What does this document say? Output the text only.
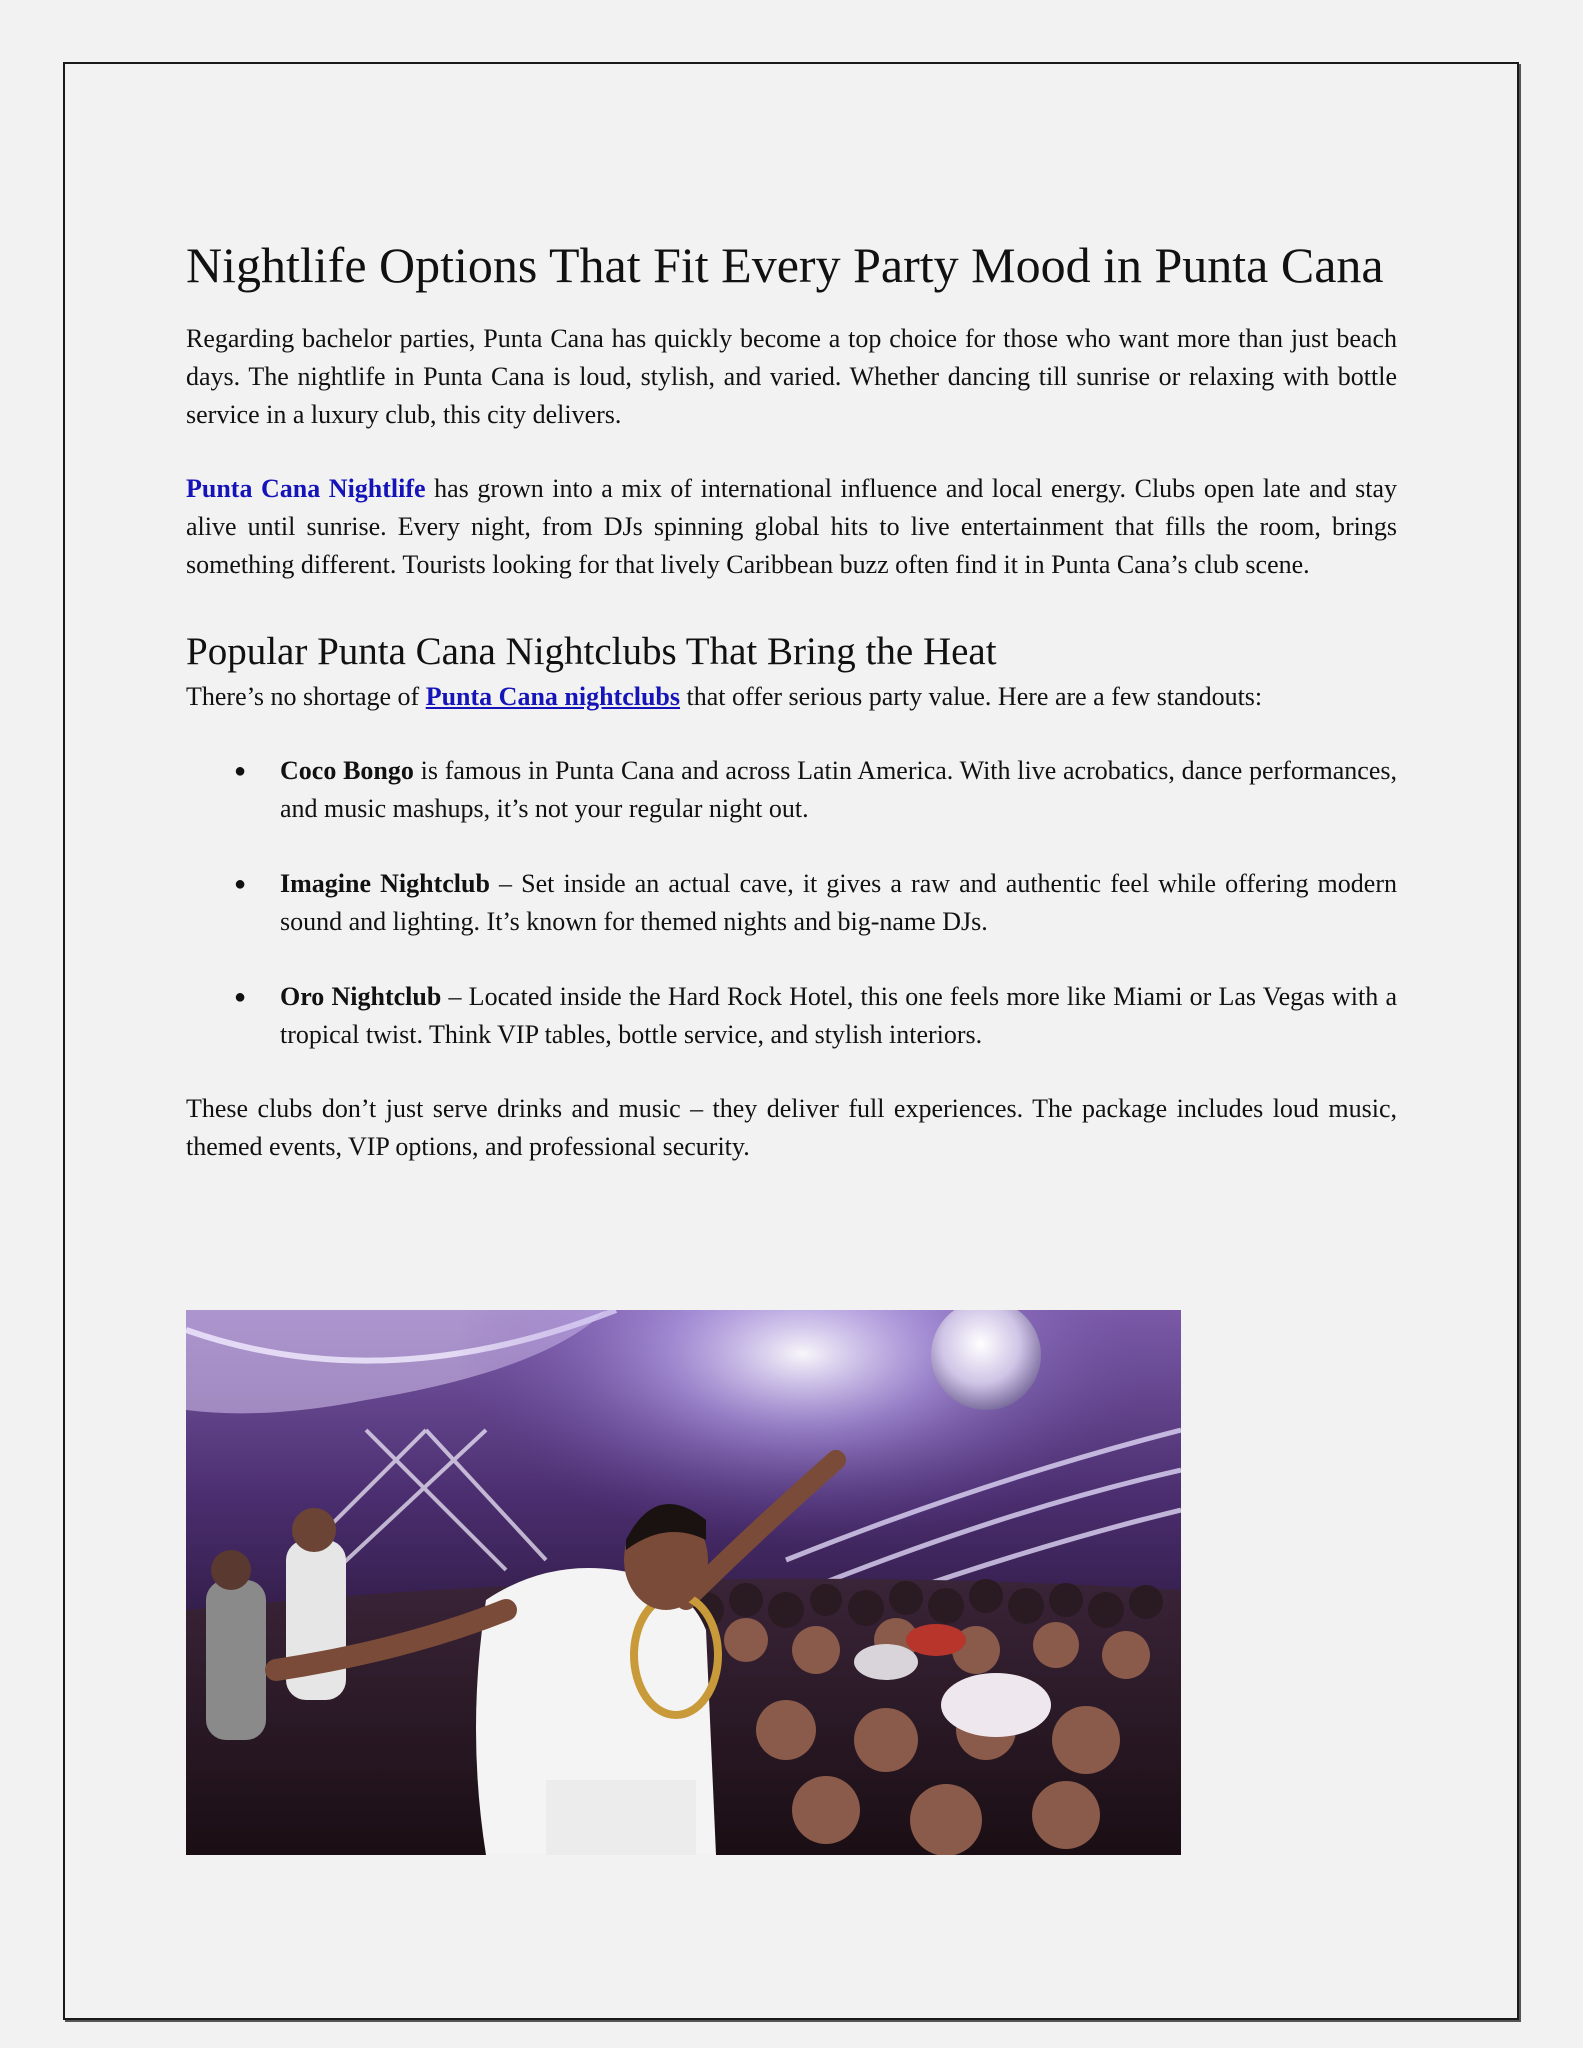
Nightlife Options That Fit Every Party Mood in Punta Cana

Regarding bachelor parties, Punta Cana has quickly become a top choice for those who want more than just beach days. The nightlife in Punta Cana is loud, stylish, and varied. Whether dancing till sunrise or relaxing with bottle service in a luxury club, this city delivers.

Punta Cana Nightlife has grown into a mix of international influence and local energy. Clubs open late and stay alive until sunrise. Every night, from DJs spinning global hits to live entertainment that fills the room, brings something different. Tourists looking for that lively Caribbean buzz often find it in Punta Cana’s club scene.

Popular Punta Cana Nightclubs That Bring the Heat

There’s no shortage of Punta Cana nightclubs that offer serious party value. Here are a few standouts:

● Coco Bongo is famous in Punta Cana and across Latin America. With live acrobatics, dance performances, and music mashups, it’s not your regular night out.
● Imagine Nightclub – Set inside an actual cave, it gives a raw and authentic feel while offering modern sound and lighting. It’s known for themed nights and big-name DJs.
● Oro Nightclub – Located inside the Hard Rock Hotel, this one feels more like Miami or Las Vegas with a tropical twist. Think VIP tables, bottle service, and stylish interiors.

These clubs don’t just serve drinks and music – they deliver full experiences. The package includes loud music, themed events, VIP options, and professional security.
